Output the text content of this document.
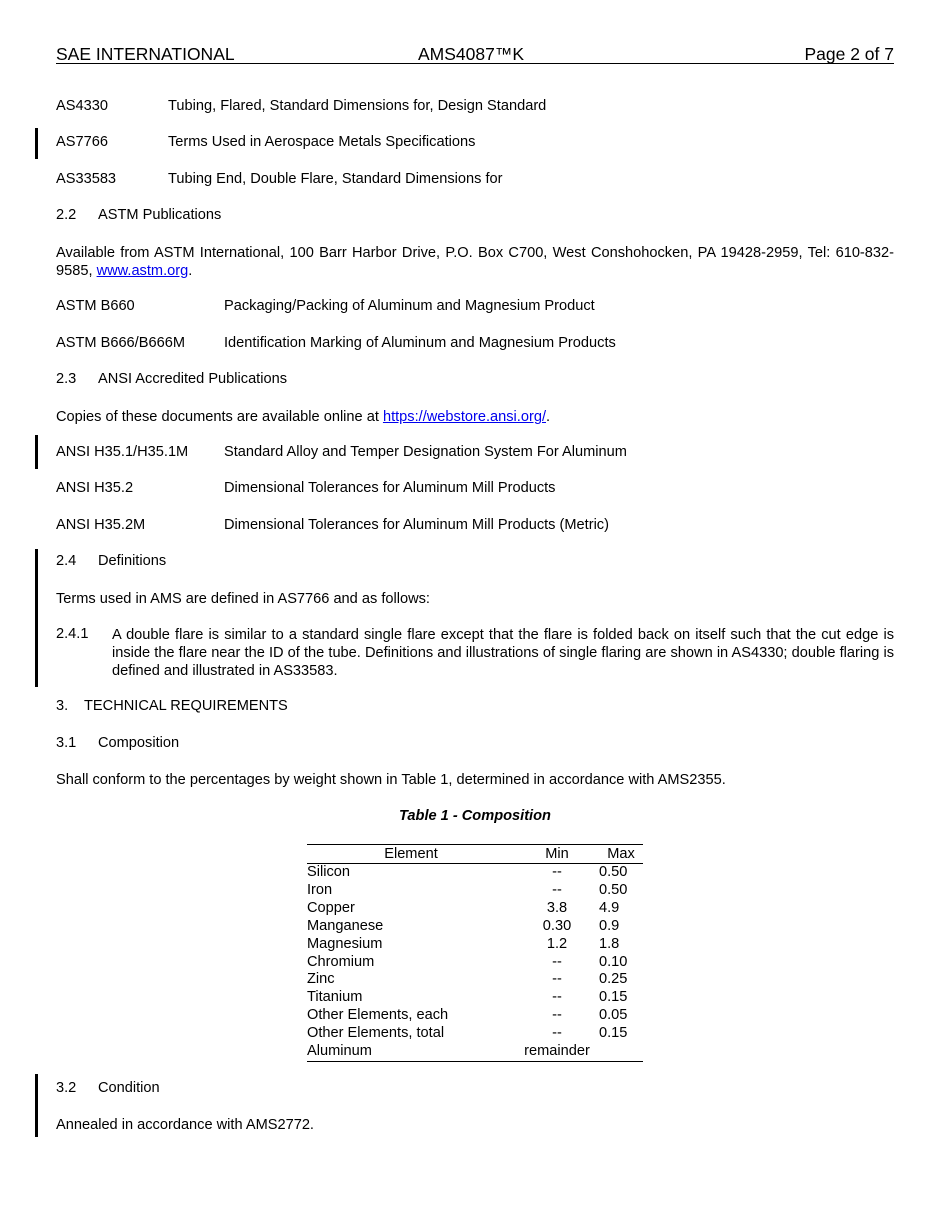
SAE INTERNATIONAL	AMS4087™K	Page 2 of 7
AS4330	Tubing, Flared, Standard Dimensions for, Design Standard
AS7766	Terms Used in Aerospace Metals Specifications
AS33583	Tubing End, Double Flare, Standard Dimensions for
2.2 ASTM Publications
Available from ASTM International, 100 Barr Harbor Drive, P.O. Box C700, West Conshohocken, PA 19428-2959, Tel: 610-832-9585, www.astm.org.
ASTM B660	Packaging/Packing of Aluminum and Magnesium Product
ASTM B666/B666M	Identification Marking of Aluminum and Magnesium Products
2.3 ANSI Accredited Publications
Copies of these documents are available online at https://webstore.ansi.org/.
ANSI H35.1/H35.1M Standard Alloy and Temper Designation System For Aluminum
ANSI H35.2	Dimensional Tolerances for Aluminum Mill Products
ANSI H35.2M	Dimensional Tolerances for Aluminum Mill Products (Metric)
2.4 Definitions
Terms used in AMS are defined in AS7766 and as follows:
2.4.1 A double flare is similar to a standard single flare except that the flare is folded back on itself such that the cut edge is inside the flare near the ID of the tube. Definitions and illustrations of single flaring are shown in AS4330; double flaring is defined and illustrated in AS33583.
3. TECHNICAL REQUIREMENTS
3.1 Composition
Shall conform to the percentages by weight shown in Table 1, determined in accordance with AMS2355.
Table 1 - Composition
Element	Min	Max
Silicon	--	0.50
Iron	--	0.50
Copper	3.8	4.9
Manganese	0.30	0.9
Magnesium	1.2	1.8
Chromium	--	0.10
Zinc	--	0.25
Titanium	--	0.15
Other Elements, each	--	0.05
Other Elements, total	--	0.15
Aluminum	remainder	
3.2 Condition
Annealed in accordance with AMS2772.
